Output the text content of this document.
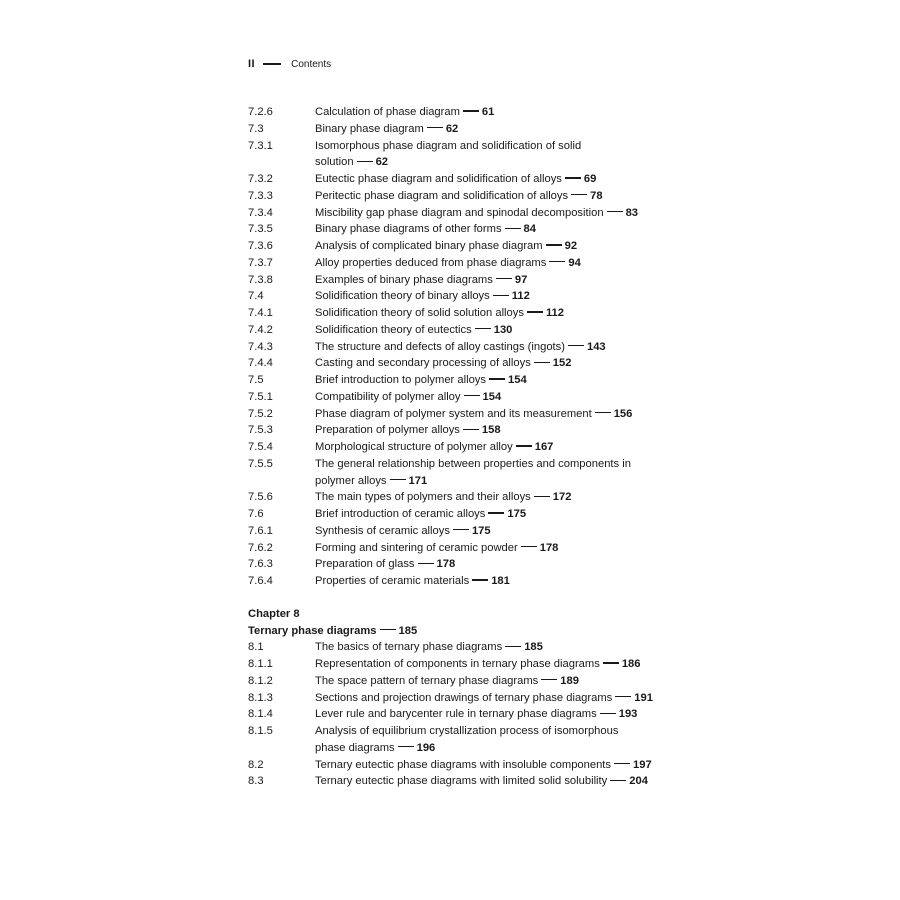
II	Contents
7.2.6	Calculation of phase diagram 61
7.3	Binary phase diagram 62
7.3.1	Isomorphous phase diagram and solidification of solid
solution 62
7.3.2	Eutectic phase diagram and solidification of alloys 69
7.3.3	Peritectic phase diagram and solidification of alloys 78
7.3.4	Miscibility gap phase diagram and spinodal decomposition 83
7.3.5	Binary phase diagrams of other forms 84
7.3.6	Analysis of complicated binary phase diagram 92
7.3.7	Alloy properties deduced from phase diagrams 94
7.3.8	Examples of binary phase diagrams 97
7.4	Solidification theory of binary alloys 112
7.4.1	Solidification theory of solid solution alloys 112
7.4.2	Solidification theory of eutectics 130
7.4.3	The structure and defects of alloy castings (ingots) 143
7.4.4	Casting and secondary processing of alloys 152
7.5	Brief introduction to polymer alloys 154
7.5.1	Compatibility of polymer alloy 154
7.5.2	Phase diagram of polymer system and its measurement 156
7.5.3	Preparation of polymer alloys 158
7.5.4	Morphological structure of polymer alloy 167
7.5.5	The general relationship between properties and components in
polymer alloys 171
7.5.6	The main types of polymers and their alloys 172
7.6	Brief introduction of ceramic alloys 175
7.6.1	Synthesis of ceramic alloys 175
7.6.2	Forming and sintering of ceramic powder 178
7.6.3	Preparation of glass 178
7.6.4	Properties of ceramic materials 181
Chapter 8
Ternary phase diagrams 185
8.1	The basics of ternary phase diagrams 185
8.1.1	Representation of components in ternary phase diagrams 186
8.1.2	The space pattern of ternary phase diagrams 189
8.1.3	Sections and projection drawings of ternary phase diagrams 191
8.1.4	Lever rule and barycenter rule in ternary phase diagrams 193
8.1.5	Analysis of equilibrium crystallization process of isomorphous
phase diagrams 196
8.2	Ternary eutectic phase diagrams with insoluble components 197
8.3	Ternary eutectic phase diagrams with limited solid solubility 204
